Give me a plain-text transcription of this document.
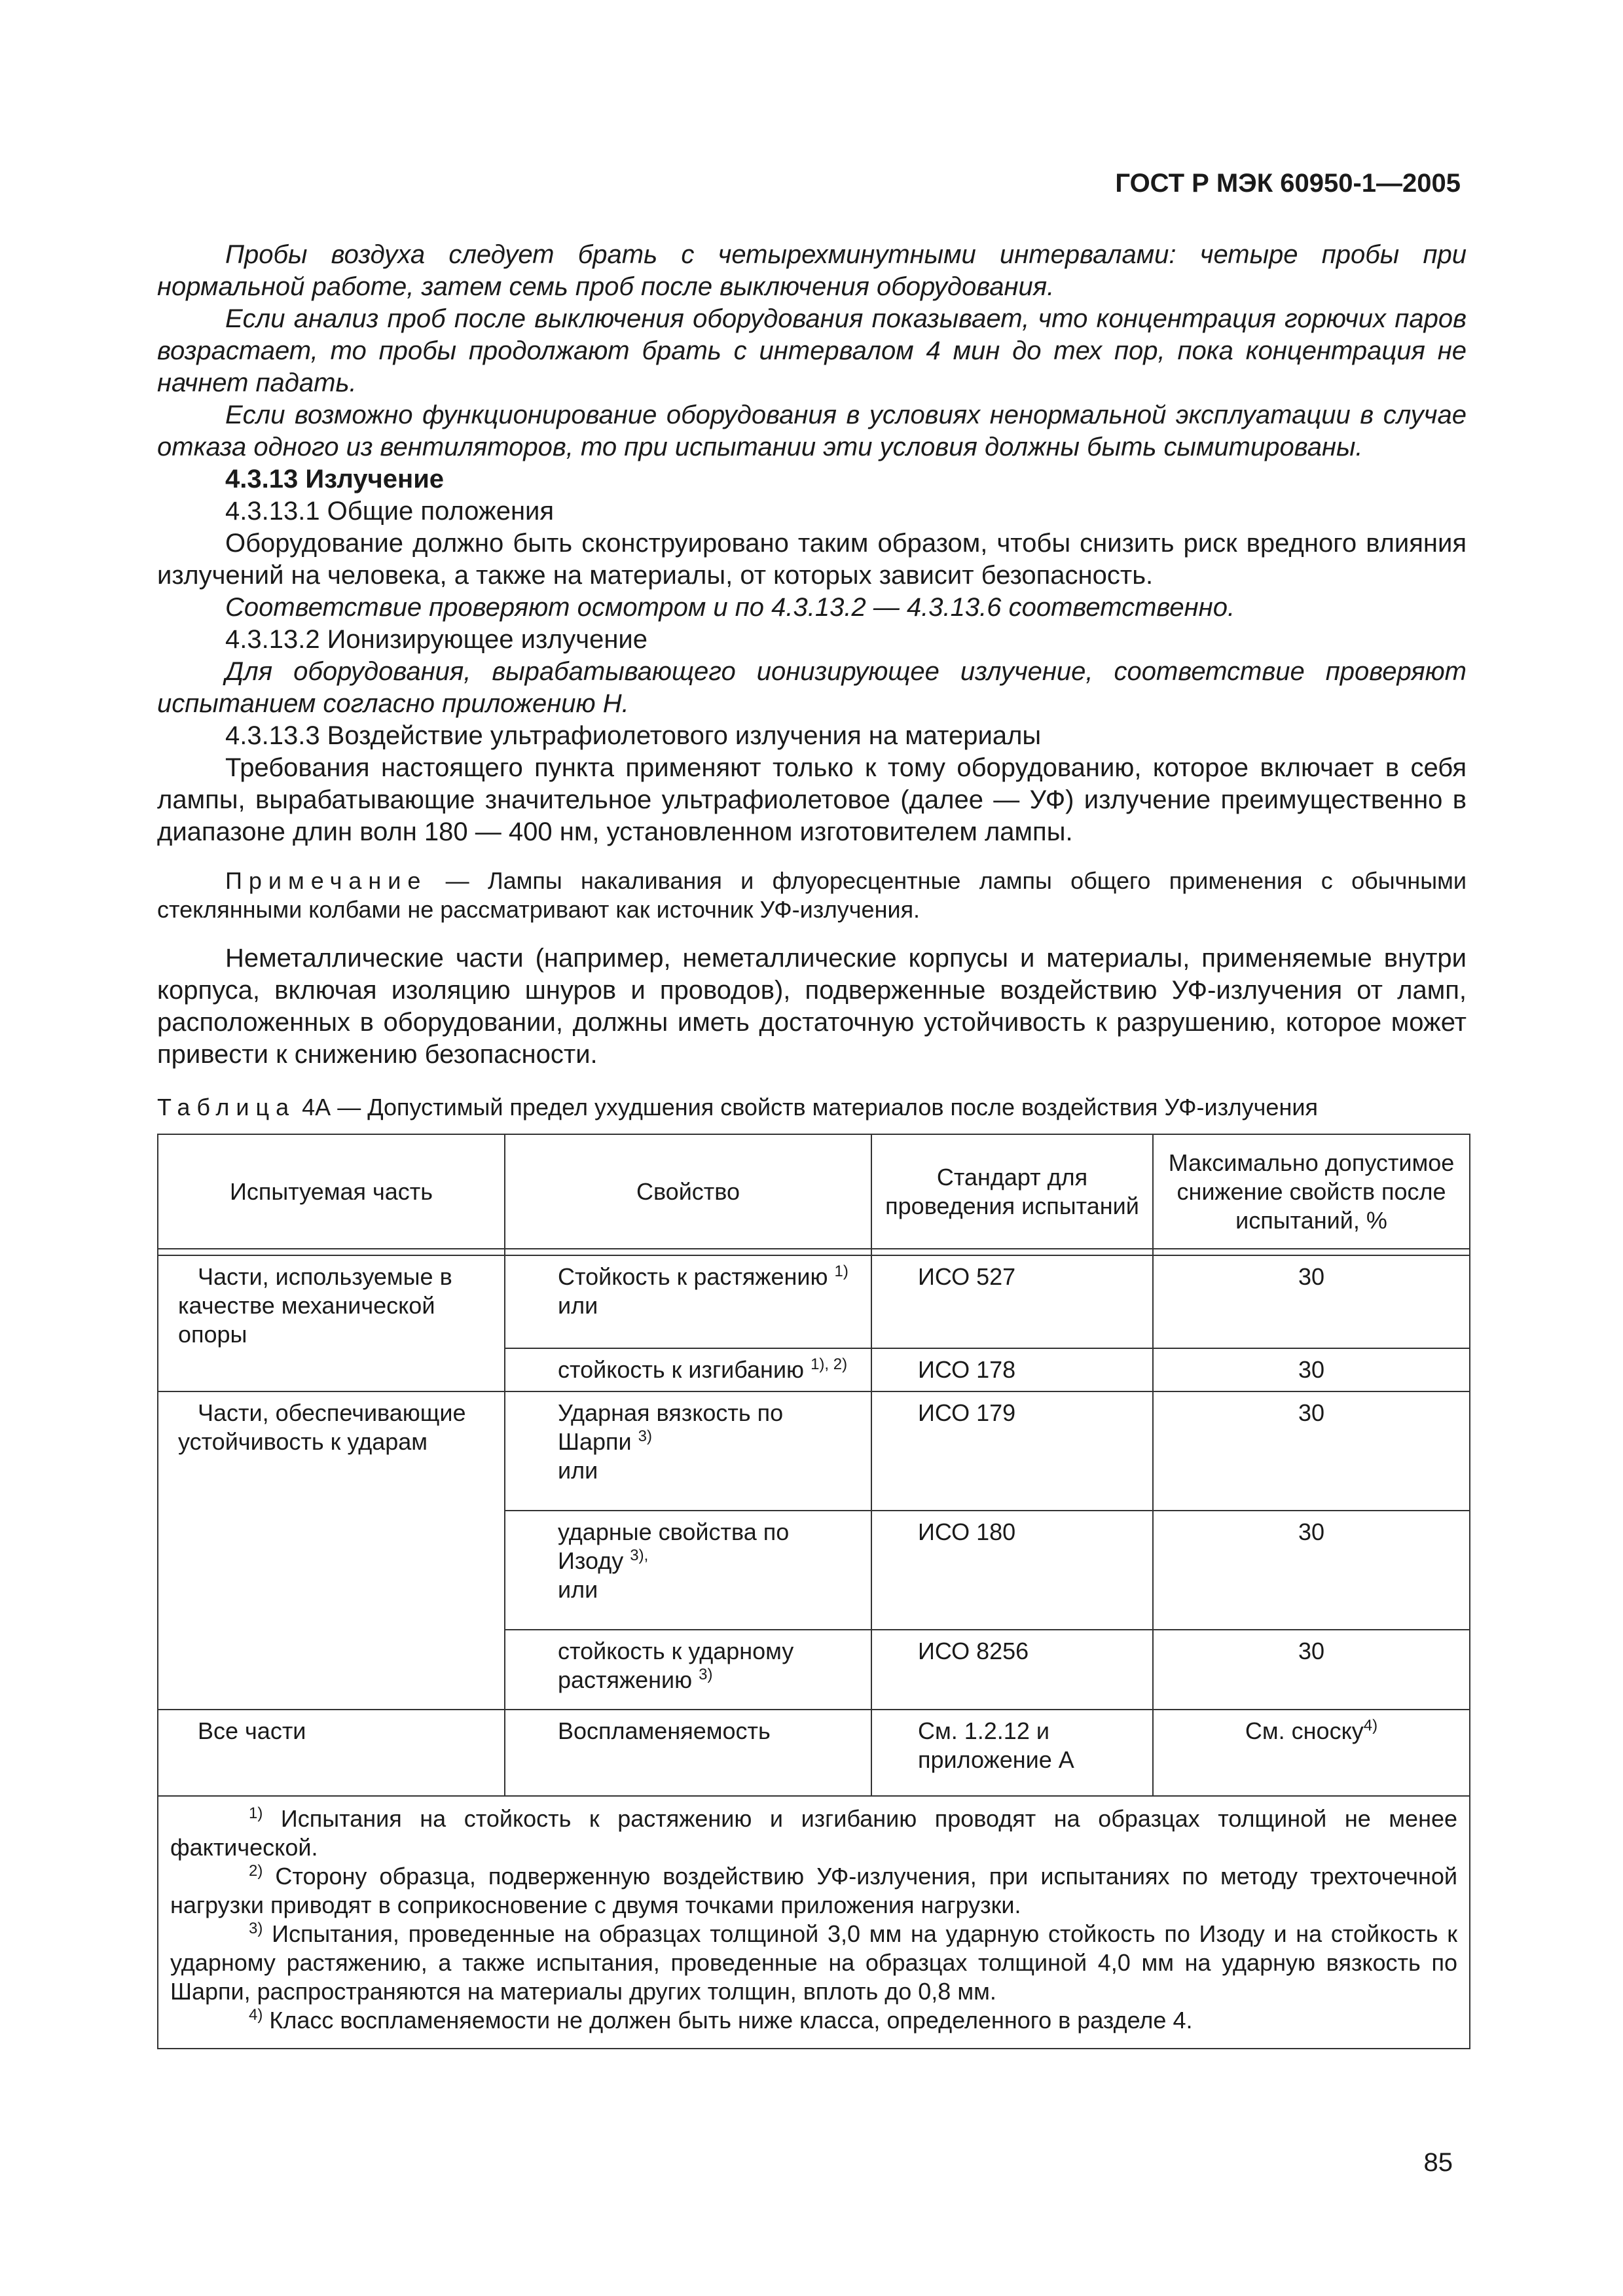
ГОСТ Р МЭК 60950-1—2005

Пробы воздуха следует брать с четырехминутными интервалами: четыре пробы при нормальной работе, затем семь проб после выключения оборудования.

Если анализ проб после выключения оборудования показывает, что концентрация горючих паров возрастает, то пробы продолжают брать с интервалом 4 мин до тех пор, пока концентрация не начнет падать.

Если возможно функционирование оборудования в условиях ненормальной эксплуатации в случае отказа одного из вентиляторов, то при испытании эти условия должны быть сымитированы.

4.3.13 Излучение

4.3.13.1 Общие положения

Оборудование должно быть сконструировано таким образом, чтобы снизить риск вредного влияния излучений на человека, а также на материалы, от которых зависит безопасность.

Соответствие проверяют осмотром и по 4.3.13.2 — 4.3.13.6 соответственно.

4.3.13.2 Ионизирующее излучение

Для оборудования, вырабатывающего ионизирующее излучение, соответствие проверяют испытанием согласно приложению Н.

4.3.13.3 Воздействие ультрафиолетового излучения на материалы

Требования настоящего пункта применяют только к тому оборудованию, которое включает в себя лампы, вырабатывающие значительное ультрафиолетовое (далее — УФ) излучение преимущественно в диапазоне длин волн 180 — 400 нм, установленном изготовителем лампы.

Примечание — Лампы накаливания и флуоресцентные лампы общего применения с обычными стеклянными колбами не рассматривают как источник УФ-излучения.

Неметаллические части (например, неметаллические корпусы и материалы, применяемые внутри корпуса, включая изоляцию шнуров и проводов), подверженные воздействию УФ-излучения от ламп, расположенных в оборудовании, должны иметь достаточную устойчивость к разрушению, которое может привести к снижению безопасности.

Таблица 4А — Допустимый предел ухудшения свойств материалов после воздействия УФ-излучения

Испытуемая часть	Свойство	Стандарт для проведения испытаний	Максимально допустимое снижение свойств после испытаний, %

Части, используемые в качестве механической опоры	Стойкость к растяжению $^{1)}$
или	ИСО 527	30
	стойкость к изгибанию $^{1), 2)}$	ИСО 178	30
Части, обеспечивающие устойчивость к ударам	Ударная вязкость по Шарпи $^{3)}$
или	ИСО 179	30
	ударные свойства по Изоду $^{3),}$
или	ИСО 180	30
	стойкость к ударному растяжению $^{3)}$	ИСО 8256	30
Все части	Воспламеняемость	См. 1.2.12 и приложение А	См. сноску$^{4)}$

$^{1)}$ Испытания на стойкость к растяжению и изгибанию проводят на образцах толщиной не менее фактической.

$^{2)}$ Сторону образца, подверженную воздействию УФ-излучения, при испытаниях по методу трехточечной нагрузки приводят в соприкосновение с двумя точками приложения нагрузки.

$^{3)}$ Испытания, проведенные на образцах толщиной 3,0 мм на ударную стойкость по Изоду и на стойкость к ударному растяжению, а также испытания, проведенные на образцах толщиной 4,0 мм на ударную вязкость по Шарпи, распространяются на материалы других толщин, вплоть до 0,8 мм.

$^{4)}$ Класс воспламеняемости не должен быть ниже класса, определенного в разделе 4.			

85
